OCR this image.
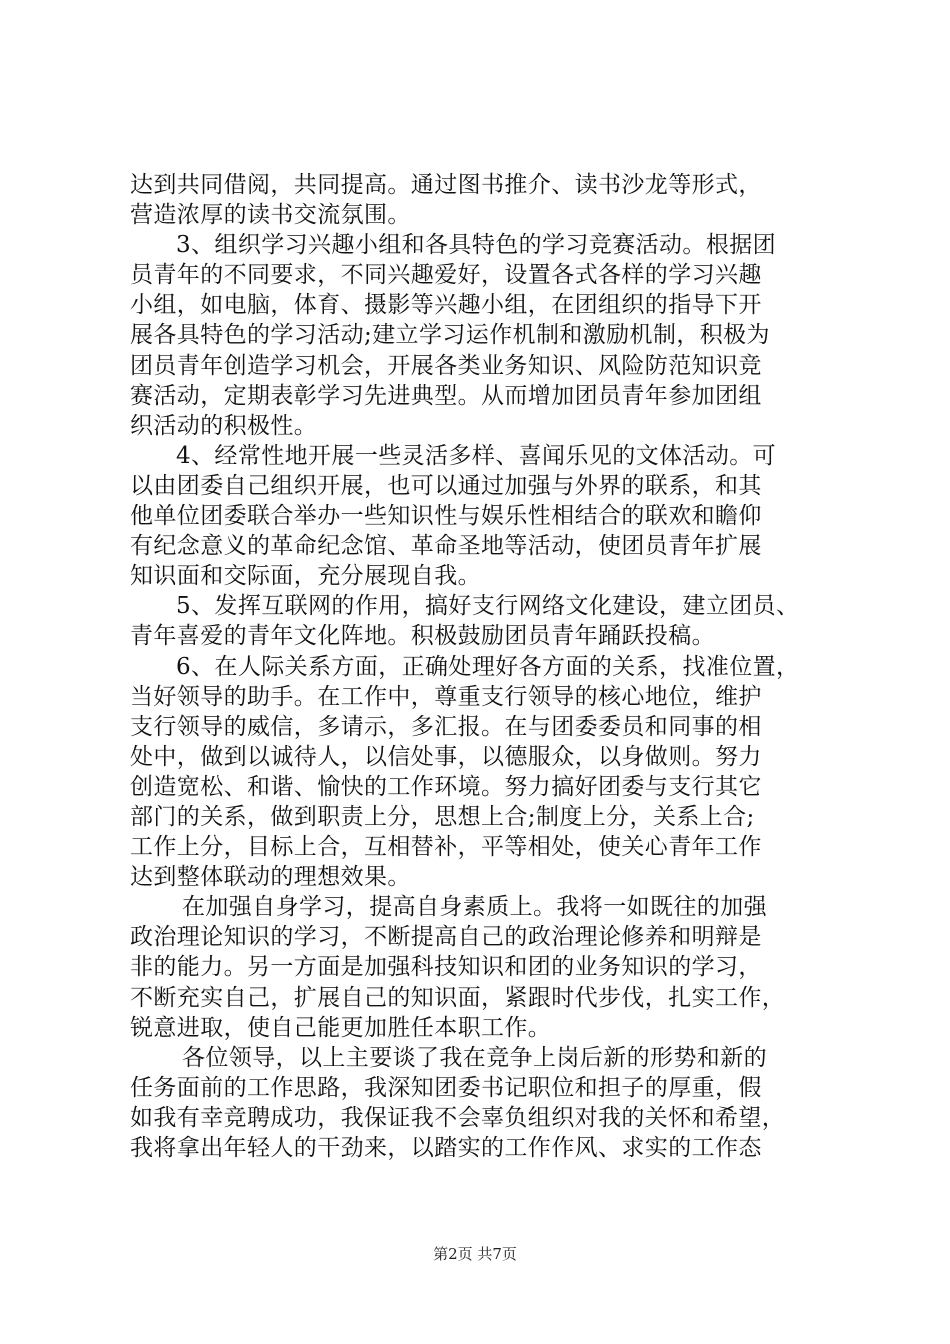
达到共同借阅，共同提高。通过图书推介、读书沙龙等形式，
营造浓厚的读书交流氛围。
3、组织学习兴趣小组和各具特色的学习竞赛活动。根据团
员青年的不同要求，不同兴趣爱好，设置各式各样的学习兴趣
小组，如电脑，体育、摄影等兴趣小组，在团组织的指导下开
展各具特色的学习活动;建立学习运作机制和激励机制，积极为
团员青年创造学习机会，开展各类业务知识、风险防范知识竞
赛活动，定期表彰学习先进典型。从而增加团员青年参加团组
织活动的积极性。
4、经常性地开展一些灵活多样、喜闻乐见的文体活动。可
以由团委自己组织开展，也可以通过加强与外界的联系，和其
他单位团委联合举办一些知识性与娱乐性相结合的联欢和瞻仰
有纪念意义的革命纪念馆、革命圣地等活动，使团员青年扩展
知识面和交际面，充分展现自我。
5、发挥互联网的作用，搞好支行网络文化建设，建立团员、
青年喜爱的青年文化阵地。积极鼓励团员青年踊跃投稿。
6、在人际关系方面，正确处理好各方面的关系，找准位置，
当好领导的助手。在工作中，尊重支行领导的核心地位，维护
支行领导的威信，多请示，多汇报。在与团委委员和同事的相
处中，做到以诚待人，以信处事，以德服众，以身做则。努力
创造宽松、和谐、愉快的工作环境。努力搞好团委与支行其它
部门的关系，做到职责上分，思想上合;制度上分，关系上合;
工作上分，目标上合，互相替补，平等相处，使关心青年工作
达到整体联动的理想效果。
在加强自身学习，提高自身素质上。我将一如既往的加强
政治理论知识的学习，不断提高自己的政治理论修养和明辩是
非的能力。另一方面是加强科技知识和团的业务知识的学习，
不断充实自己，扩展自己的知识面，紧跟时代步伐，扎实工作，
锐意进取，使自己能更加胜任本职工作。
各位领导，以上主要谈了我在竞争上岗后新的形势和新的
任务面前的工作思路，我深知团委书记职位和担子的厚重，假
如我有幸竞聘成功，我保证我不会辜负组织对我的关怀和希望，
我将拿出年轻人的干劲来，以踏实的工作作风、求实的工作态
第2页 共7页
